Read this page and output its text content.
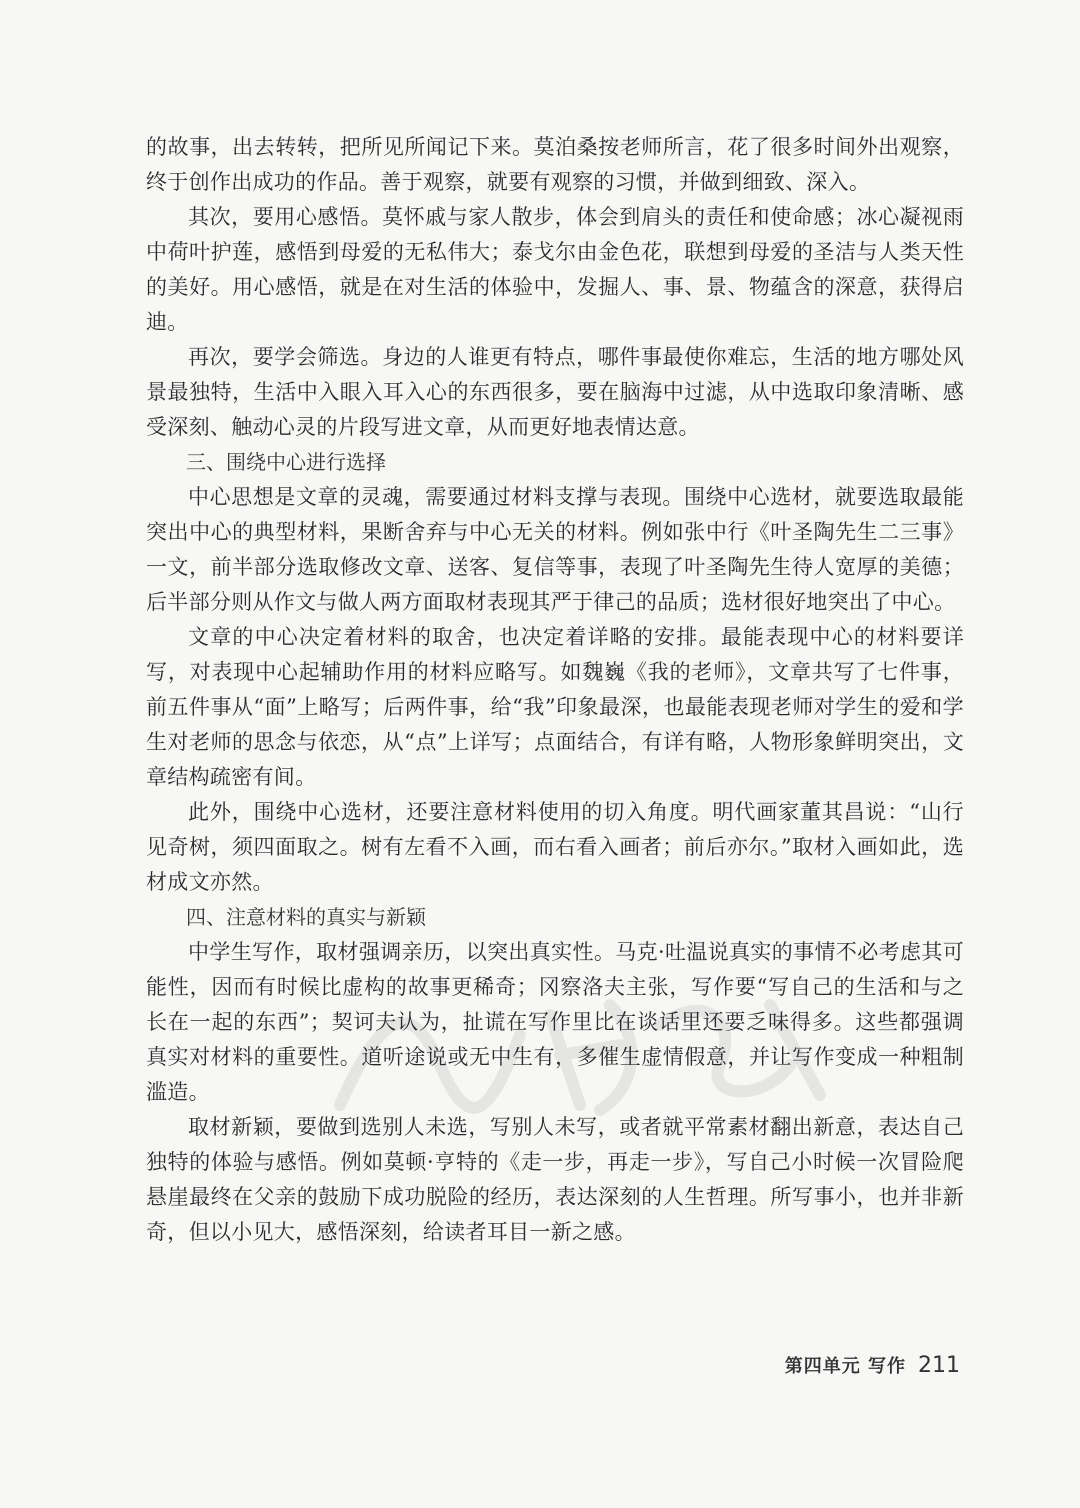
的故事，出去转转，把所见所闻记下来。莫泊桑按老师所言，花了很多时间外出观察，终于创作出成功的作品。善于观察，就要有观察的习惯，并做到细致、深入。

其次，要用心感悟。莫怀戚与家人散步，体会到肩头的责任和使命感；冰心凝视雨中荷叶护莲，感悟到母爱的无私伟大；泰戈尔由金色花，联想到母爱的圣洁与人类天性的美好。用心感悟，就是在对生活的体验中，发掘人、事、景、物蕴含的深意，获得启迪。

再次，要学会筛选。身边的人谁更有特点，哪件事最使你难忘，生活的地方哪处风景最独特，生活中入眼入耳入心的东西很多，要在脑海中过滤，从中选取印象清晰、感受深刻、触动心灵的片段写进文章，从而更好地表情达意。

三、围绕中心进行选择

中心思想是文章的灵魂，需要通过材料支撑与表现。围绕中心选材，就要选取最能突出中心的典型材料，果断舍弃与中心无关的材料。例如张中行《叶圣陶先生二三事》一文，前半部分选取修改文章、送客、复信等事，表现了叶圣陶先生待人宽厚的美德；后半部分则从作文与做人两方面取材表现其严于律己的品质；选材很好地突出了中心。

文章的中心决定着材料的取舍，也决定着详略的安排。最能表现中心的材料要详写，对表现中心起辅助作用的材料应略写。如魏巍《我的老师》，文章共写了七件事，前五件事从“面”上略写；后两件事，给“我”印象最深，也最能表现老师对学生的爱和学生对老师的思念与依恋，从“点”上详写；点面结合，有详有略，人物形象鲜明突出，文章结构疏密有间。

此外，围绕中心选材，还要注意材料使用的切入角度。明代画家董其昌说：“山行见奇树，须四面取之。树有左看不入画，而右看入画者；前后亦尔。”取材入画如此，选材成文亦然。

四、注意材料的真实与新颖

中学生写作，取材强调亲历，以突出真实性。马克·吐温说真实的事情不必考虑其可能性，因而有时候比虚构的故事更稀奇；冈察洛夫主张，写作要“写自己的生活和与之长在一起的东西”；契诃夫认为，扯谎在写作里比在谈话里还要乏味得多。这些都强调真实对材料的重要性。道听途说或无中生有，多催生虚情假意，并让写作变成一种粗制滥造。

取材新颖，要做到选别人未选，写别人未写，或者就平常素材翻出新意，表达自己独特的体验与感悟。例如莫顿·亨特的《走一步，再走一步》，写自己小时候一次冒险爬悬崖最终在父亲的鼓励下成功脱险的经历，表达深刻的人生哲理。所写事小，也并非新奇，但以小见大，感悟深刻，给读者耳目一新之感。

第四单元 写作 211
